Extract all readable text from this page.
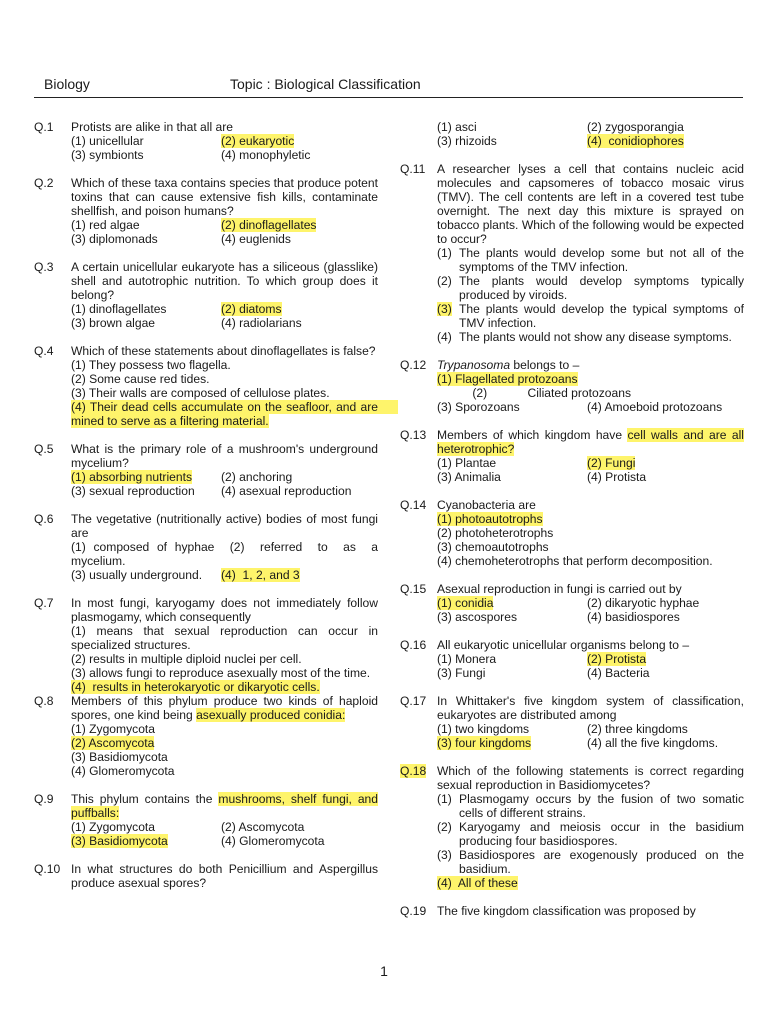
Biology	Topic : Biological Classification
Q.1 Protists are alike in that all are
(1) unicellular	(2) eukaryotic
(3) symbionts	(4) monophyletic
Q.2 Which of these taxa contains species that produce potent toxins that can cause extensive fish kills, contaminate shellfish, and poison humans?
(1) red algae	(2) dinoflagellates
(3) diplomonads	(4) euglenids
Q.3 A certain unicellular eukaryote has a siliceous (glasslike) shell and autotrophic nutrition. To which group does it belong?
(1) dinoflagellates	(2) diatoms
(3) brown algae	(4) radiolarians
Q.4 Which of these statements about dinoflagellates is false?
(1) They possess two flagella.
(2) Some cause red tides.
(3) Their walls are composed of cellulose plates.
(4) Their dead cells accumulate on the seafloor, and are      mined to serve as a filtering material.
Q.5 What is the primary role of a mushroom's underground mycelium?
(1) absorbing nutrients	(2) anchoring
(3) sexual reproduction	(4) asexual reproduction
Q.6 The vegetative (nutritionally active) bodies of most fungi are
(1) composed of hyphae  (2)  referred  to  as  a mycelium.
(3) usually underground.	(4)  1, 2, and 3
Q.7 In most fungi, karyogamy does not immediately follow plasmogamy, which consequently
(1) means that sexual reproduction can occur in specialized structures.
(2) results in multiple diploid nuclei per cell.
(3) allows fungi to reproduce asexually most of the time.
(4)  results in heterokaryotic or dikaryotic cells.
Q.8 Members of this phylum produce two kinds of haploid spores, one kind being asexually produced conidia:
(1) Zygomycota
(2) Ascomycota
(3) Basidiomycota
(4) Glomeromycota
Q.9 This phylum contains the mushrooms, shelf fungi, and puffballs:
(1) Zygomycota	(2) Ascomycota
(3) Basidiomycota	(4) Glomeromycota
Q.10 In what structures do both Penicillium and Aspergillus produce asexual spores?
(1) asci	(2) zygosporangia
(3) rhizoids	(4)  conidiophores
Q.11 A researcher lyses a cell that contains nucleic acid molecules and capsomeres of tobacco mosaic virus (TMV). The cell contents are left in a covered test tube overnight. The next day this mixture is sprayed on tobacco plants. Which of the following would be expected to occur?
(1) The plants would develop some but not all of the symptoms of the TMV infection.
(2) The plants would develop symptoms typically produced by viroids.
(3) The plants would develop the typical symptoms of TMV infection.
(4) The plants would not show any disease symptoms.
Q.12 Trypanosoma belongs to –
(1) Flagellated protozoans
(2)            Ciliated protozoans
(3) Sporozoans	(4) Amoeboid protozoans
Q.13 Members of which kingdom have cell walls and are all heterotrophic?
(1) Plantae	(2) Fungi
(3) Animalia	(4) Protista
Q.14 Cyanobacteria are
(1) photoautotrophs
(2) photoheterotrophs
(3) chemoautotrophs
(4) chemoheterotrophs that perform decomposition.
Q.15 Asexual reproduction in fungi is carried out by
(1) conidia	(2) dikaryotic hyphae
(3) ascospores	(4) basidiospores
Q.16 All eukaryotic unicellular organisms belong to –
(1) Monera	(2) Protista
(3) Fungi	(4) Bacteria
Q.17 In Whittaker's five kingdom system of classification, eukaryotes are distributed among
(1) two kingdoms	(2) three kingdoms
(3) four kingdoms	(4) all the five kingdoms.
Q.18 Which of the following statements is correct regarding sexual reproduction in Basidiomycetes?
(1) Plasmogamy occurs by the fusion of two somatic cells of different strains.
(2) Karyogamy and meiosis occur in the basidium producing four basidiospores.
(3) Basidiospores are exogenously produced on the basidium.
(4)  All of these
Q.19 The five kingdom classification was proposed by
1
